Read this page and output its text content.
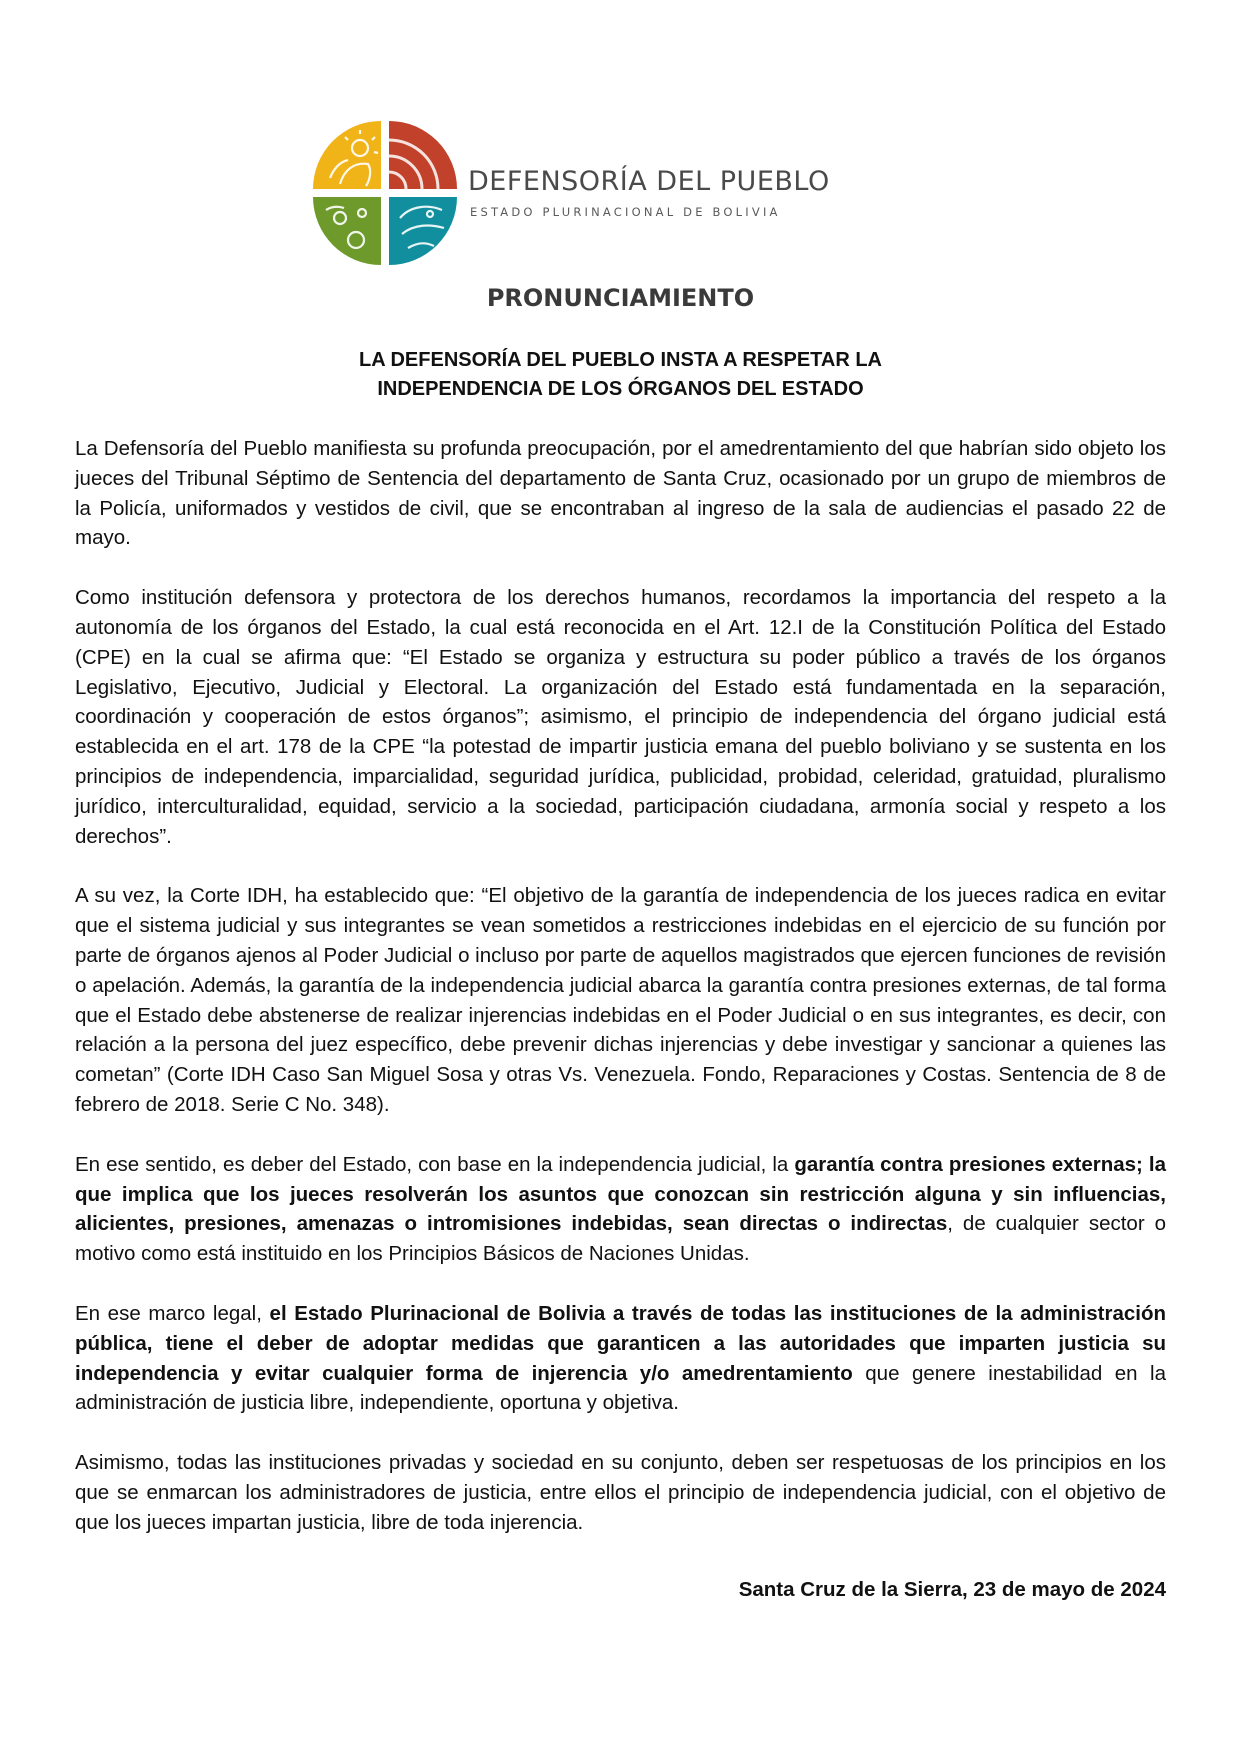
DEFENSORÍA DEL PUEBLO
ESTADO PLURINACIONAL DE BOLIVIA
PRONUNCIAMIENTO
LA DEFENSORÍA DEL PUEBLO INSTA A RESPETAR LA
INDEPENDENCIA DE LOS ÓRGANOS DEL ESTADO

La Defensoría del Pueblo manifiesta su profunda preocupación, por el amedrentamiento del que habrían sido objeto los jueces del Tribunal Séptimo de Sentencia del departamento de Santa Cruz, ocasionado por un grupo de miembros de la Policía, uniformados y vestidos de civil, que se encontraban al ingreso de la sala de audiencias el pasado 22 de mayo.

Como institución defensora y protectora de los derechos humanos, recordamos la importancia del respeto a la autonomía de los órganos del Estado, la cual está reconocida en el Art. 12.I de la Constitución Política del Estado (CPE) en la cual se afirma que: “El Estado se organiza y estructura su poder público a través de los órganos Legislativo, Ejecutivo, Judicial y Electoral. La organización del Estado está fundamentada en la separación, coordinación y cooperación de estos órganos”; asimismo, el principio de independencia del órgano judicial está establecida en el art. 178 de la CPE “la potestad de impartir justicia emana del pueblo boliviano y se sustenta en los principios de independencia, imparcialidad, seguridad jurídica, publicidad, probidad, celeridad, gratuidad, pluralismo jurídico, interculturalidad, equidad, servicio a la sociedad, participación ciudadana, armonía social y respeto a los derechos”.

A su vez, la Corte IDH, ha establecido que: “El objetivo de la garantía de independencia de los jueces radica en evitar que el sistema judicial y sus integrantes se vean sometidos a restricciones indebidas en el ejercicio de su función por parte de órganos ajenos al Poder Judicial o incluso por parte de aquellos magistrados que ejercen funciones de revisión o apelación. Además, la garantía de la independencia judicial abarca la garantía contra presiones externas, de tal forma que el Estado debe abstenerse de realizar injerencias indebidas en el Poder Judicial o en sus integrantes, es decir, con relación a la persona del juez específico, debe prevenir dichas injerencias y debe investigar y sancionar a quienes las cometan” (Corte IDH Caso San Miguel Sosa y otras Vs. Venezuela. Fondo, Reparaciones y Costas. Sentencia de 8 de febrero de 2018. Serie C No. 348).

En ese sentido, es deber del Estado, con base en la independencia judicial, la garantía contra presiones externas; la que implica que los jueces resolverán los asuntos que conozcan sin restricción alguna y sin influencias, alicientes, presiones, amenazas o intromisiones indebidas, sean directas o indirectas, de cualquier sector o motivo como está instituido en los Principios Básicos de Naciones Unidas.

En ese marco legal, el Estado Plurinacional de Bolivia a través de todas las instituciones de la administración pública, tiene el deber de adoptar medidas que garanticen a las autoridades que imparten justicia su independencia y evitar cualquier forma de injerencia y/o amedrentamiento que genere inestabilidad en la administración de justicia libre, independiente, oportuna y objetiva.

Asimismo, todas las instituciones privadas y sociedad en su conjunto, deben ser respetuosas de los principios en los que se enmarcan los administradores de justicia, entre ellos el principio de independencia judicial, con el objetivo de que los jueces impartan justicia, libre de toda injerencia.

Santa Cruz de la Sierra, 23 de mayo de 2024
